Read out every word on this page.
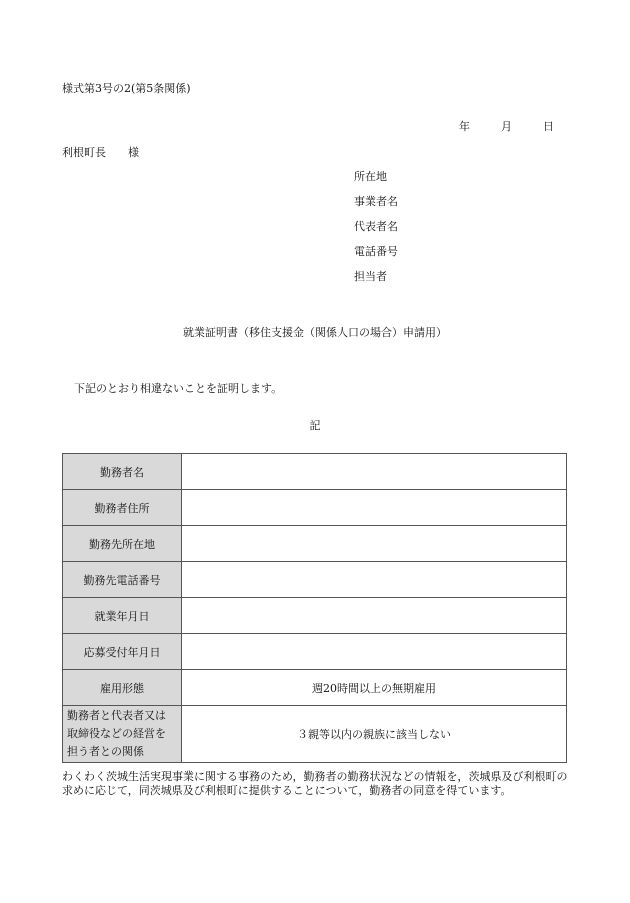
様式第3号の2(第5条関係)
年	月	日
利根町長　　様
所在地
事業者名
代表者名
電話番号
担当者
就業証明書（移住支援金（関係人口の場合）申請用）
下記のとおり相違ないことを証明します。
記
勤務者名	
勤務者住所	
勤務先所在地	
勤務先電話番号	
就業年月日	
応募受付年月日	
雇用形態	週20時間以上の無期雇用

勤務者と代表者又は
取締役などの経営を
担う者との関係	３親等以内の親族に該当しない
わくわく茨城生活実現事業に関する事務のため，勤務者の勤務状況などの情報を，茨城県及び利根町の求めに応じて，同茨城県及び利根町に提供することについて，勤務者の同意を得ています。
